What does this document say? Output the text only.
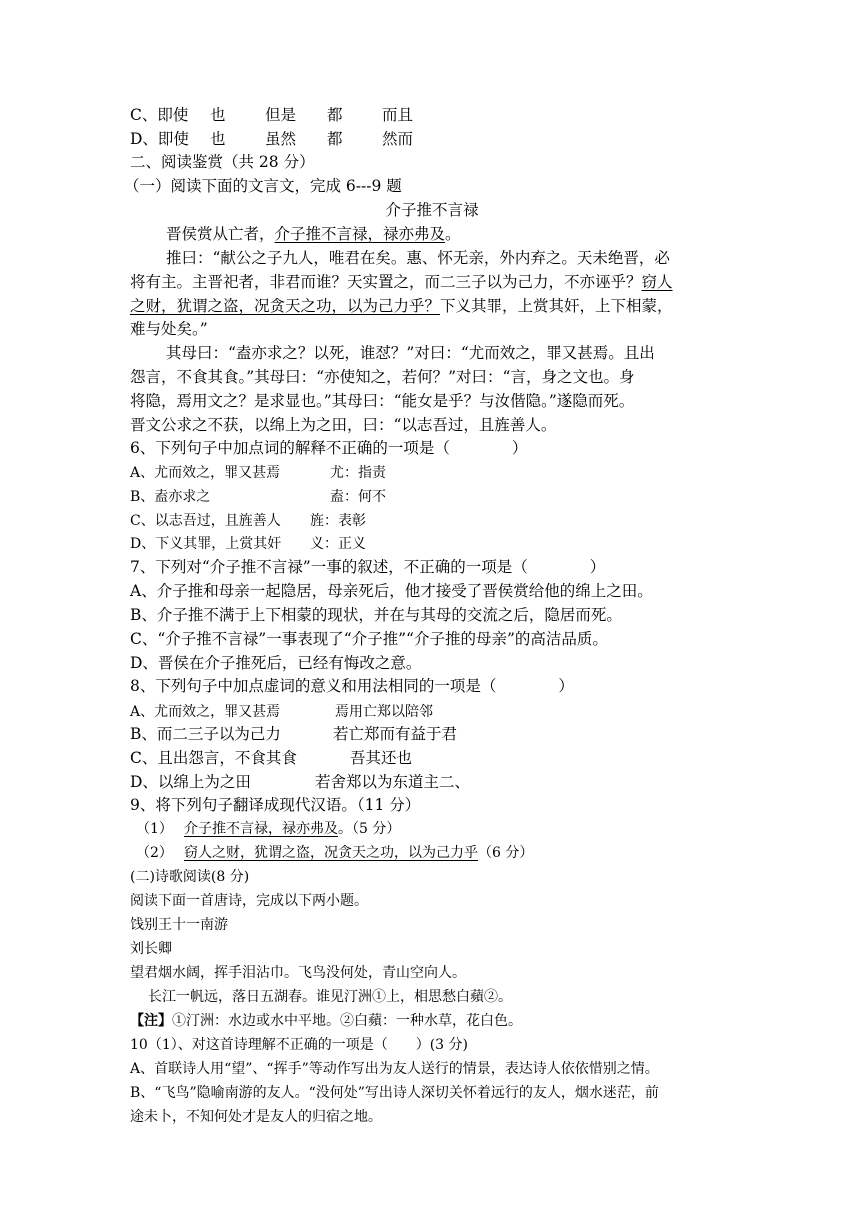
C、即使 也	但是 都	而且
D、即使 也	虽然 都	然而
二、阅读鉴赏（共 28 分）
（一）阅读下面的文言文，完成 6---9 题
介子推不言禄
晋侯赏从亡者，介子推不言禄，禄亦弗及。
推曰：“献公之子九人，唯君在矣。惠、怀无亲，外内弃之。天未绝晋，必
将有主。主晋祀者，非君而谁？天实置之，而二三子以为己力，不亦诬乎？窃人
之财，犹谓之盗，况贪天之功，以为己力乎？下义其罪，上赏其奸，上下相蒙，
难与处矣。”
其母曰：“盍亦求之？以死，谁怼？”对曰：“尤而效之，罪又甚焉。且出
怨言，不食其食。”其母曰：“亦使知之，若何？”对曰：“言，身之文也。身
将隐，焉用文之？是求显也。”其母曰：“能女是乎？与汝偕隐。”遂隐而死。
晋文公求之不获，以绵上为之田，曰：“以志吾过，且旌善人。
6、下列句子中加点词的解释不正确的一项是（　　　　）
A、尤而效之，罪又甚焉	尤：指责
B、盍亦求之	盍：何不
C、以志吾过，且旌善人 旌：表彰
D、下义其罪，上赏其奸 义：正义
7、下列对“介子推不言禄”一事的叙述，不正确的一项是（　　　　）
A、介子推和母亲一起隐居，母亲死后，他才接受了晋侯赏给他的绵上之田。
B、介子推不满于上下相蒙的现状，并在与其母的交流之后，隐居而死。
C、“介子推不言禄”一事表现了“介子推”“介子推的母亲”的高洁品质。
D、晋侯在介子推死后，已经有悔改之意。
8、下列句子中加点虚词的意义和用法相同的一项是（　　　　）
A、尤而效之，罪又甚焉	焉用亡郑以陪邻
B、而二三子以为己力	若亡郑而有益于君
C、且出怨言，不食其食	吾其还也
D、以绵上为之田	若舍郑以为东道主二、
9、将下列句子翻译成现代汉语。（11 分）
（1） 介子推不言禄，禄亦弗及。（5 分）
（2） 窃人之财，犹谓之盗，况贪天之功，以为己力乎（6 分）
(二)诗歌阅读(8 分)
阅读下面一首唐诗，完成以下两小题。
饯别王十一南游
刘长卿
望君烟水阔，挥手泪沾巾。飞鸟没何处，青山空向人。
长江一帆远，落日五湖春。谁见汀洲①上，相思愁白蘋②。
【注】①汀洲：水边或水中平地。②白蘋：一种水草，花白色。
10（1）、对这首诗理解不正确的一项是（　　）(3 分)
A、首联诗人用“望”、“挥手”等动作写出为友人送行的情景，表达诗人依依惜别之情。
B、“飞鸟”隐喻南游的友人。“没何处”写出诗人深切关怀着远行的友人，烟水迷茫，前
途未卜，不知何处才是友人的归宿之地。
